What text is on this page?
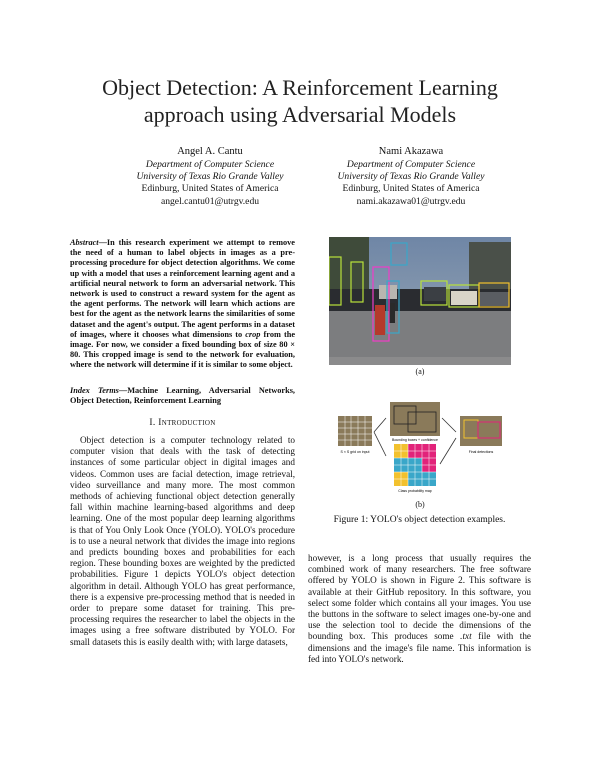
Object Detection: A Reinforcement Learning
approach using Adversarial Models
Angel A. Cantu
Department of Computer Science
University of Texas Rio Grande Valley
Edinburg, United States of America
angel.cantu01@utrgv.edu
Nami Akazawa
Department of Computer Science
University of Texas Rio Grande Valley
Edinburg, United States of America
nami.akazawa01@utrgv.edu
Abstract—In this research experiment we attempt to remove the need of a human to label objects in images as a pre-processing procedure for object detection algorithms. We come up with a model that uses a reinforcement learning agent and a artificial neural network to form an adversarial network. This network is used to construct a reward system for the agent as the agent performs. The network will learn which actions are best for the agent as the network learns the similarities of some dataset and the agent's output. The agent performs in a dataset of images, where it chooses what dimensions to crop from the image. For now, we consider a fixed bounding box of size 80 × 80. This cropped image is send to the network for evaluation, where the network will determine if it is similar to some object.
Index Terms—Machine Learning, Adversarial Networks, Object Detection, Reinforcement Learning
I. Introduction

Object detection is a computer technology related to computer vision that deals with the task of detecting instances of some particular object in digital images and videos. Common uses are facial detection, image retrieval, video surveillance and many more. The most common methods of achieving functional object detection generally fall within machine learning-based algorithms and deep learning. One of the most popular deep learning algorithms is that of You Only Look Once (YOLO). YOLO's procedure is to use a neural network that divides the image into regions and predicts bounding boxes and probabilities for each region. These bounding boxes are weighted by the predicted probabilities. Figure 1 depicts YOLO's object detection algorithm in detail. Although YOLO has great performance, there is a expensive pre-processing method that is needed in order to prepare some dataset for training. This pre-processing requires the researcher to label the objects in the images using a free software distributed by YOLO. For small datasets this is easily dealth with; with large datasets,

(a)
S × S grid on input
Bounding boxes + confidence
Class probability map
Final detections
(b)
Figure 1: YOLO's object detection examples.

however, is a long process that usually requires the combined work of many researchers. The free software offered by YOLO is shown in Figure 2. This software is available at their GitHub repository. In this software, you select some folder which contains all your images. You use the buttons in the software to select images one-by-one and use the selection tool to decide the dimensions of the bounding box. This produces some .txt file with the dimensions and the image's file name. This information is fed into YOLO's network.
